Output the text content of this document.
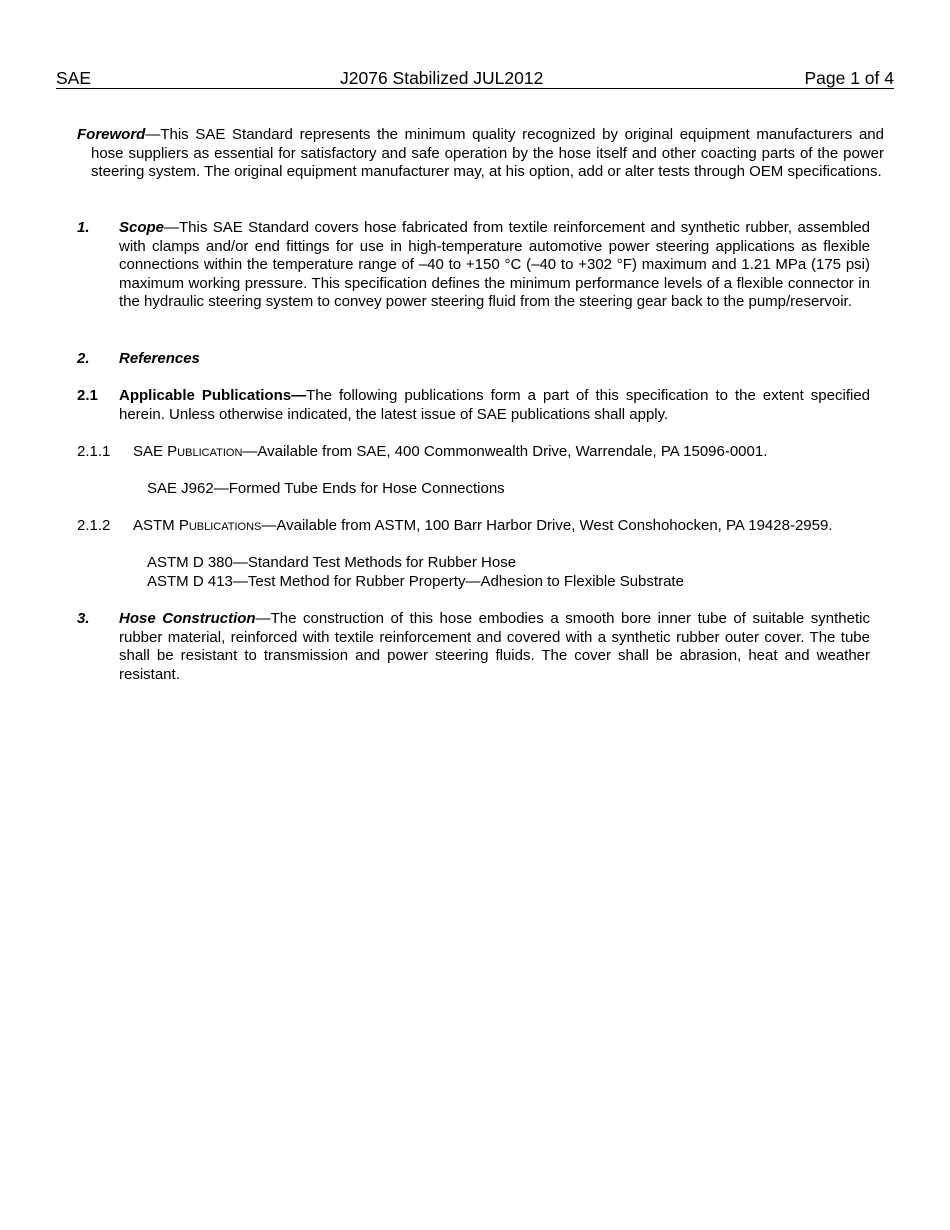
SAE	J2076 Stabilized JUL2012	Page 1 of 4
Foreword—This SAE Standard represents the minimum quality recognized by original equipment manufacturers and hose suppliers as essential for satisfactory and safe operation by the hose itself and other coacting parts of the power steering system. The original equipment manufacturer may, at his option, add or alter tests through OEM specifications.
1. Scope—This SAE Standard covers hose fabricated from textile reinforcement and synthetic rubber, assembled with clamps and/or end fittings for use in high-temperature automotive power steering applications as flexible connections within the temperature range of –40 to +150 °C (–40 to +302 °F) maximum and 1.21 MPa (175 psi) maximum working pressure. This specification defines the minimum performance levels of a flexible connector in the hydraulic steering system to convey power steering fluid from the steering gear back to the pump/reservoir.
2. References
2.1 Applicable Publications—The following publications form a part of this specification to the extent specified herein. Unless otherwise indicated, the latest issue of SAE publications shall apply.
2.1.1 SAE Publication—Available from SAE, 400 Commonwealth Drive, Warrendale, PA 15096-0001.
SAE J962—Formed Tube Ends for Hose Connections
2.1.2 ASTM Publications—Available from ASTM, 100 Barr Harbor Drive, West Conshohocken, PA 19428-2959.
ASTM D 380—Standard Test Methods for Rubber Hose
ASTM D 413—Test Method for Rubber Property—Adhesion to Flexible Substrate
3. Hose Construction—The construction of this hose embodies a smooth bore inner tube of suitable synthetic rubber material, reinforced with textile reinforcement and covered with a synthetic rubber outer cover. The tube shall be resistant to transmission and power steering fluids. The cover shall be abrasion, heat and weather resistant.
